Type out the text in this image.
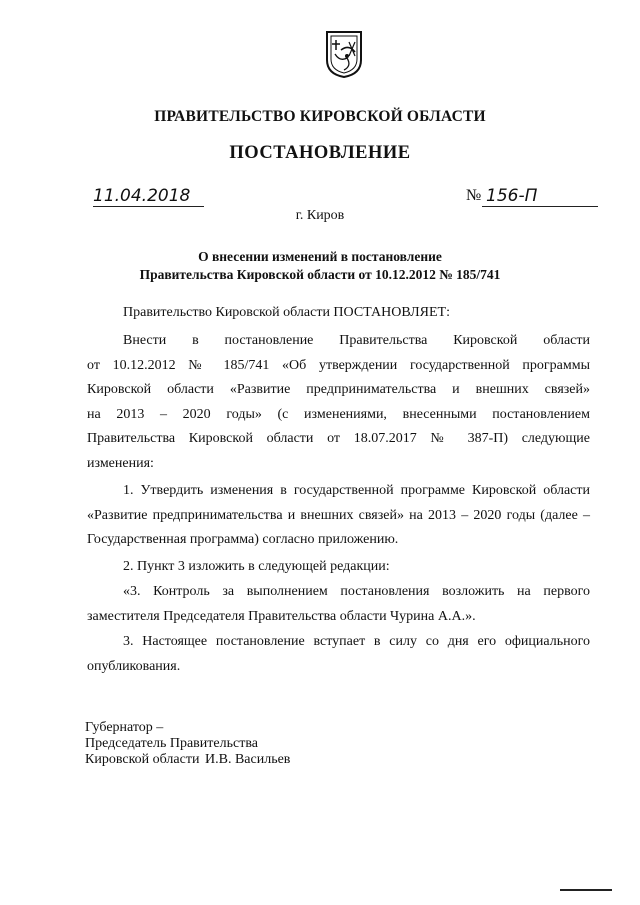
ПРАВИТЕЛЬСТВО КИРОВСКОЙ ОБЛАСТИ
ПОСТАНОВЛЕНИЕ
11.04.2018	№ 156-П
г. Киров
О внесении изменений в постановление
Правительства Кировской области от 10.12.2012 № 185/741
Правительство Кировской области ПОСТАНОВЛЯЕТ:
Внести в постановление Правительства Кировской области
от 10.12.2012 № 185/741 «Об утверждении государственной программы
Кировской области «Развитие предпринимательства и внешних связей»
на 2013 – 2020 годы» (с изменениями, внесенными постановлением
Правительства Кировской области от 18.07.2017 № 387-П) следующие
изменения:
1. Утвердить изменения в государственной программе Кировской области
«Развитие предпринимательства и внешних связей» на 2013 – 2020 годы (далее –
Государственная программа) согласно приложению.
2. Пункт 3 изложить в следующей редакции:
«3. Контроль за выполнением постановления возложить на первого
заместителя Председателя Правительства области Чурина А.А.».
3. Настоящее постановление вступает в силу со дня его официального
опубликования.
Губернатор –
Председатель Правительства
Кировской области И.В. Васильев
